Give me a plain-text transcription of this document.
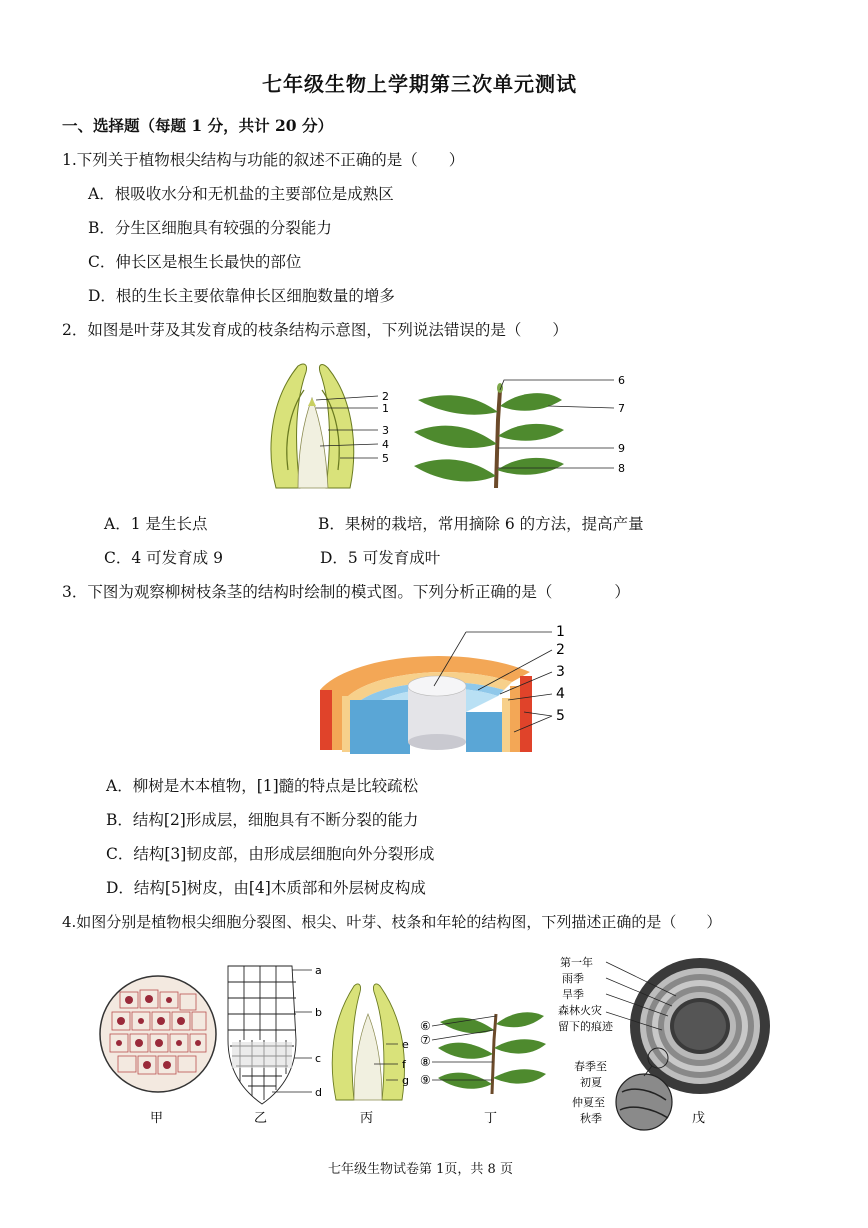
七年级生物上学期第三次单元测试
一、选择题（每题 1 分，共计 20 分）
1.下列关于植物根尖结构与功能的叙述不正确的是（　　）
A．根吸收水分和无机盐的主要部位是成熟区
B．分生区细胞具有较强的分裂能力
C．伸长区是根生长最快的部位
D．根的生长主要依靠伸长区细胞数量的增多
2．如图是叶芽及其发育成的枝条结构示意图，下列说法错误的是（　　）
2
1
3
4
5
6
7
9
8
A．1 是生长点	B．果树的栽培，常用摘除 6 的方法，提高产量
C．4 可发育成 9	D．5 可发育成叶
3．下图为观察柳树枝条茎的结构时绘制的模式图。下列分析正确的是（　　　　）
1
2
3
4
5
A．柳树是木本植物，[1]髓的特点是比较疏松
B．结构[2]形成层，细胞具有不断分裂的能力
C．结构[3]韧皮部，由形成层细胞向外分裂形成
D．结构[5]树皮，由[4]木质部和外层树皮构成
4.如图分别是植物根尖细胞分裂图、根尖、叶芽、枝条和年轮的结构图，下列描述正确的是（　　）
甲
a
b
c
d
乙
e
f
g
丙
⑥
⑦
⑧
⑨
丁
第一年
雨季
旱季
森林火灾
留下的痕迹
春季至
初夏
仲夏至
秋季	戊
七年级生物试卷第 1页，共 8 页
